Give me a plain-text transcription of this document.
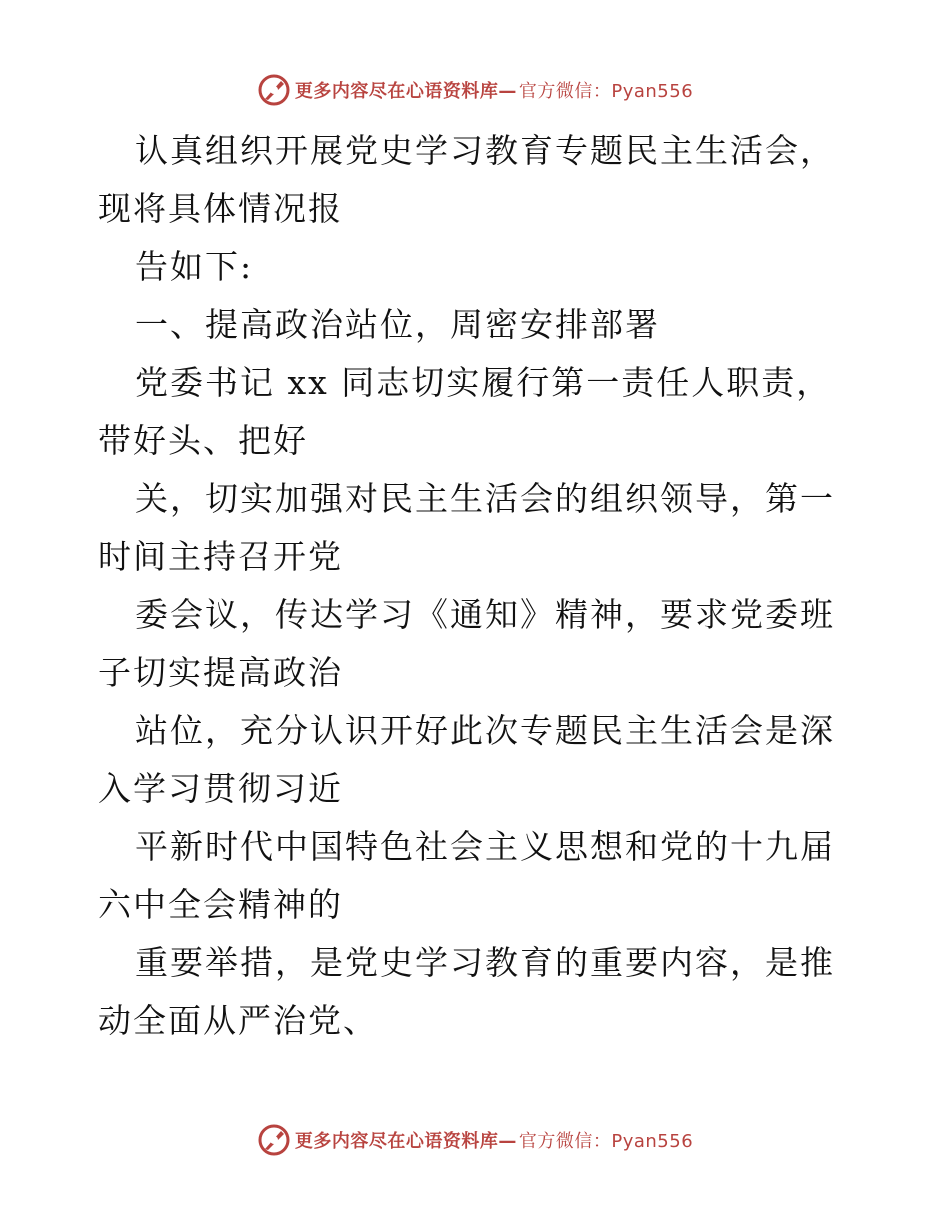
更多内容尽在心语资料库— 官方微信：Pyan556

认真组织开展党史学习教育专题民主生活会，现将具体情况报

告如下:

一、提高政治站位，周密安排部署

党委书记 xx 同志切实履行第一责任人职责，带好头、把好

关，切实加强对民主生活会的组织领导，第一时间主持召开党

委会议，传达学习《通知》精神，要求党委班子切实提高政治

站位，充分认识开好此次专题民主生活会是深入学习贯彻习近

平新时代中国特色社会主义思想和党的十九届六中全会精神的

重要举措，是党史学习教育的重要内容，是推动全面从严治党、

更多内容尽在心语资料库— 官方微信：Pyan556
